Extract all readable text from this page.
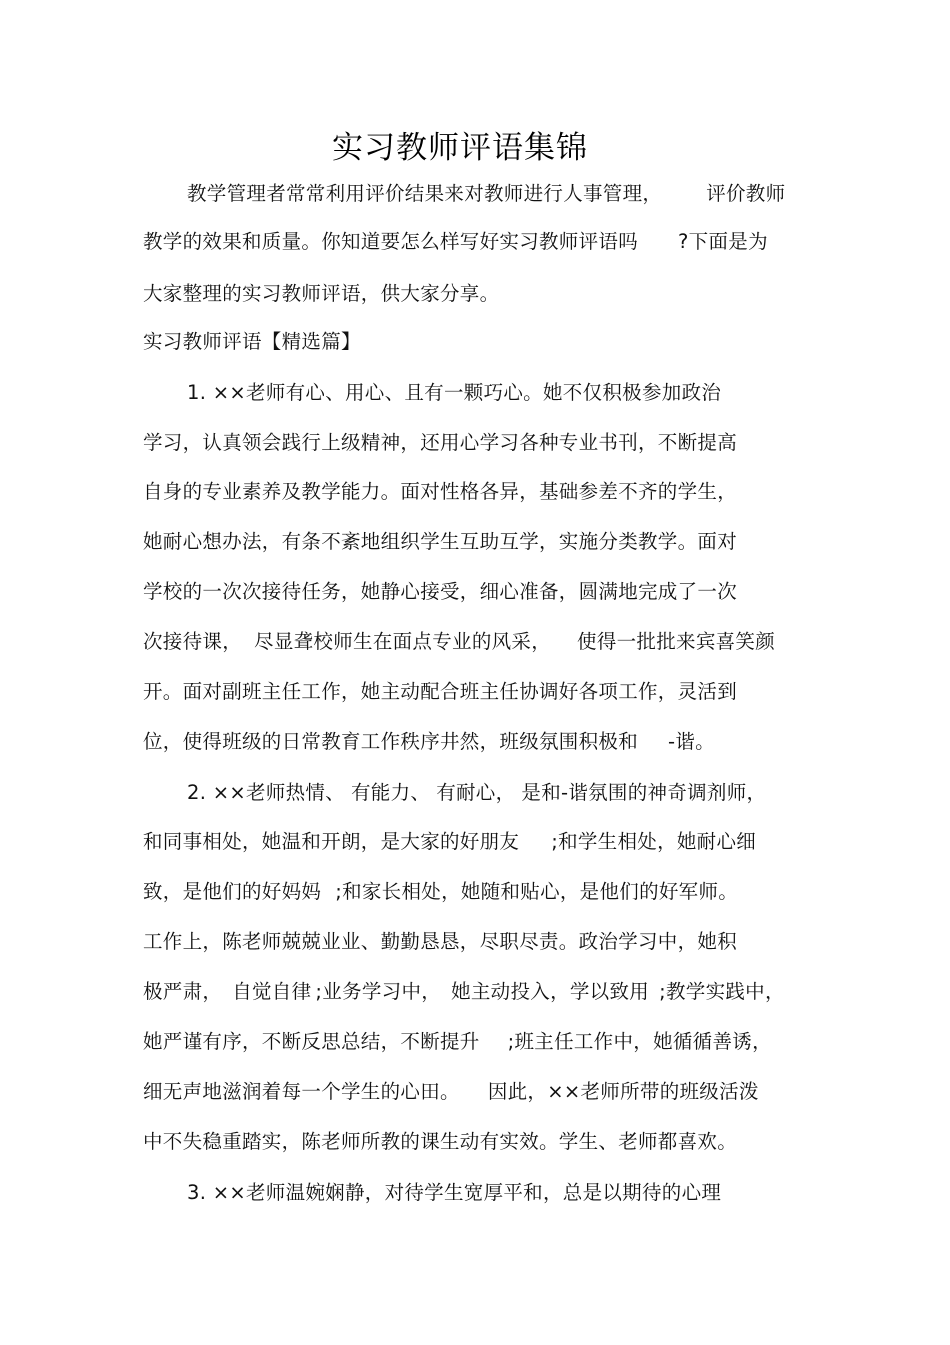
实习教师评语集锦
教学管理者常常利用评价结果来对教师进行人事管理， 评价教师
教学的效果和质量。你知道要怎么样写好实习教师评语吗 ?下面是为
大家整理的实习教师评语，供大家分享。
实习教师评语【精选篇】
1. ××老师有心、用心、且有一颗巧心。她不仅积极参加政治
学习，认真领会践行上级精神，还用心学习各种专业书刊，不断提高
自身的专业素养及教学能力。面对性格各异，基础参差不齐的学生，
她耐心想办法，有条不紊地组织学生互助互学，实施分类教学。面对
学校的一次次接待任务，她静心接受，细心准备，圆满地完成了一次
次接待课， 尽显聋校师生在面点专业的风采， 使得一批批来宾喜笑颜
开。面对副班主任工作，她主动配合班主任协调好各项工作，灵活到
位，使得班级的日常教育工作秩序井然，班级氛围积极和 -谐。
2. ××老师热情、 有能力、 有耐心， 是和-谐氛围的神奇调剂师，
和同事相处，她温和开朗，是大家的好朋友 ;和学生相处，她耐心细
致，是他们的好妈妈 ;和家长相处，她随和贴心，是他们的好军师。
工作上，陈老师兢兢业业、勤勤恳恳，尽职尽责。政治学习中，她积
极严肃， 自觉自律 ;业务学习中， 她主动投入，学以致用 ;教学实践中，
她严谨有序，不断反思总结，不断提升 ;班主任工作中，她循循善诱，
细无声地滋润着每一个学生的心田。 因此，××老师所带的班级活泼
中不失稳重踏实，陈老师所教的课生动有实效。学生、老师都喜欢。
3. ××老师温婉娴静，对待学生宽厚平和，总是以期待的心理
